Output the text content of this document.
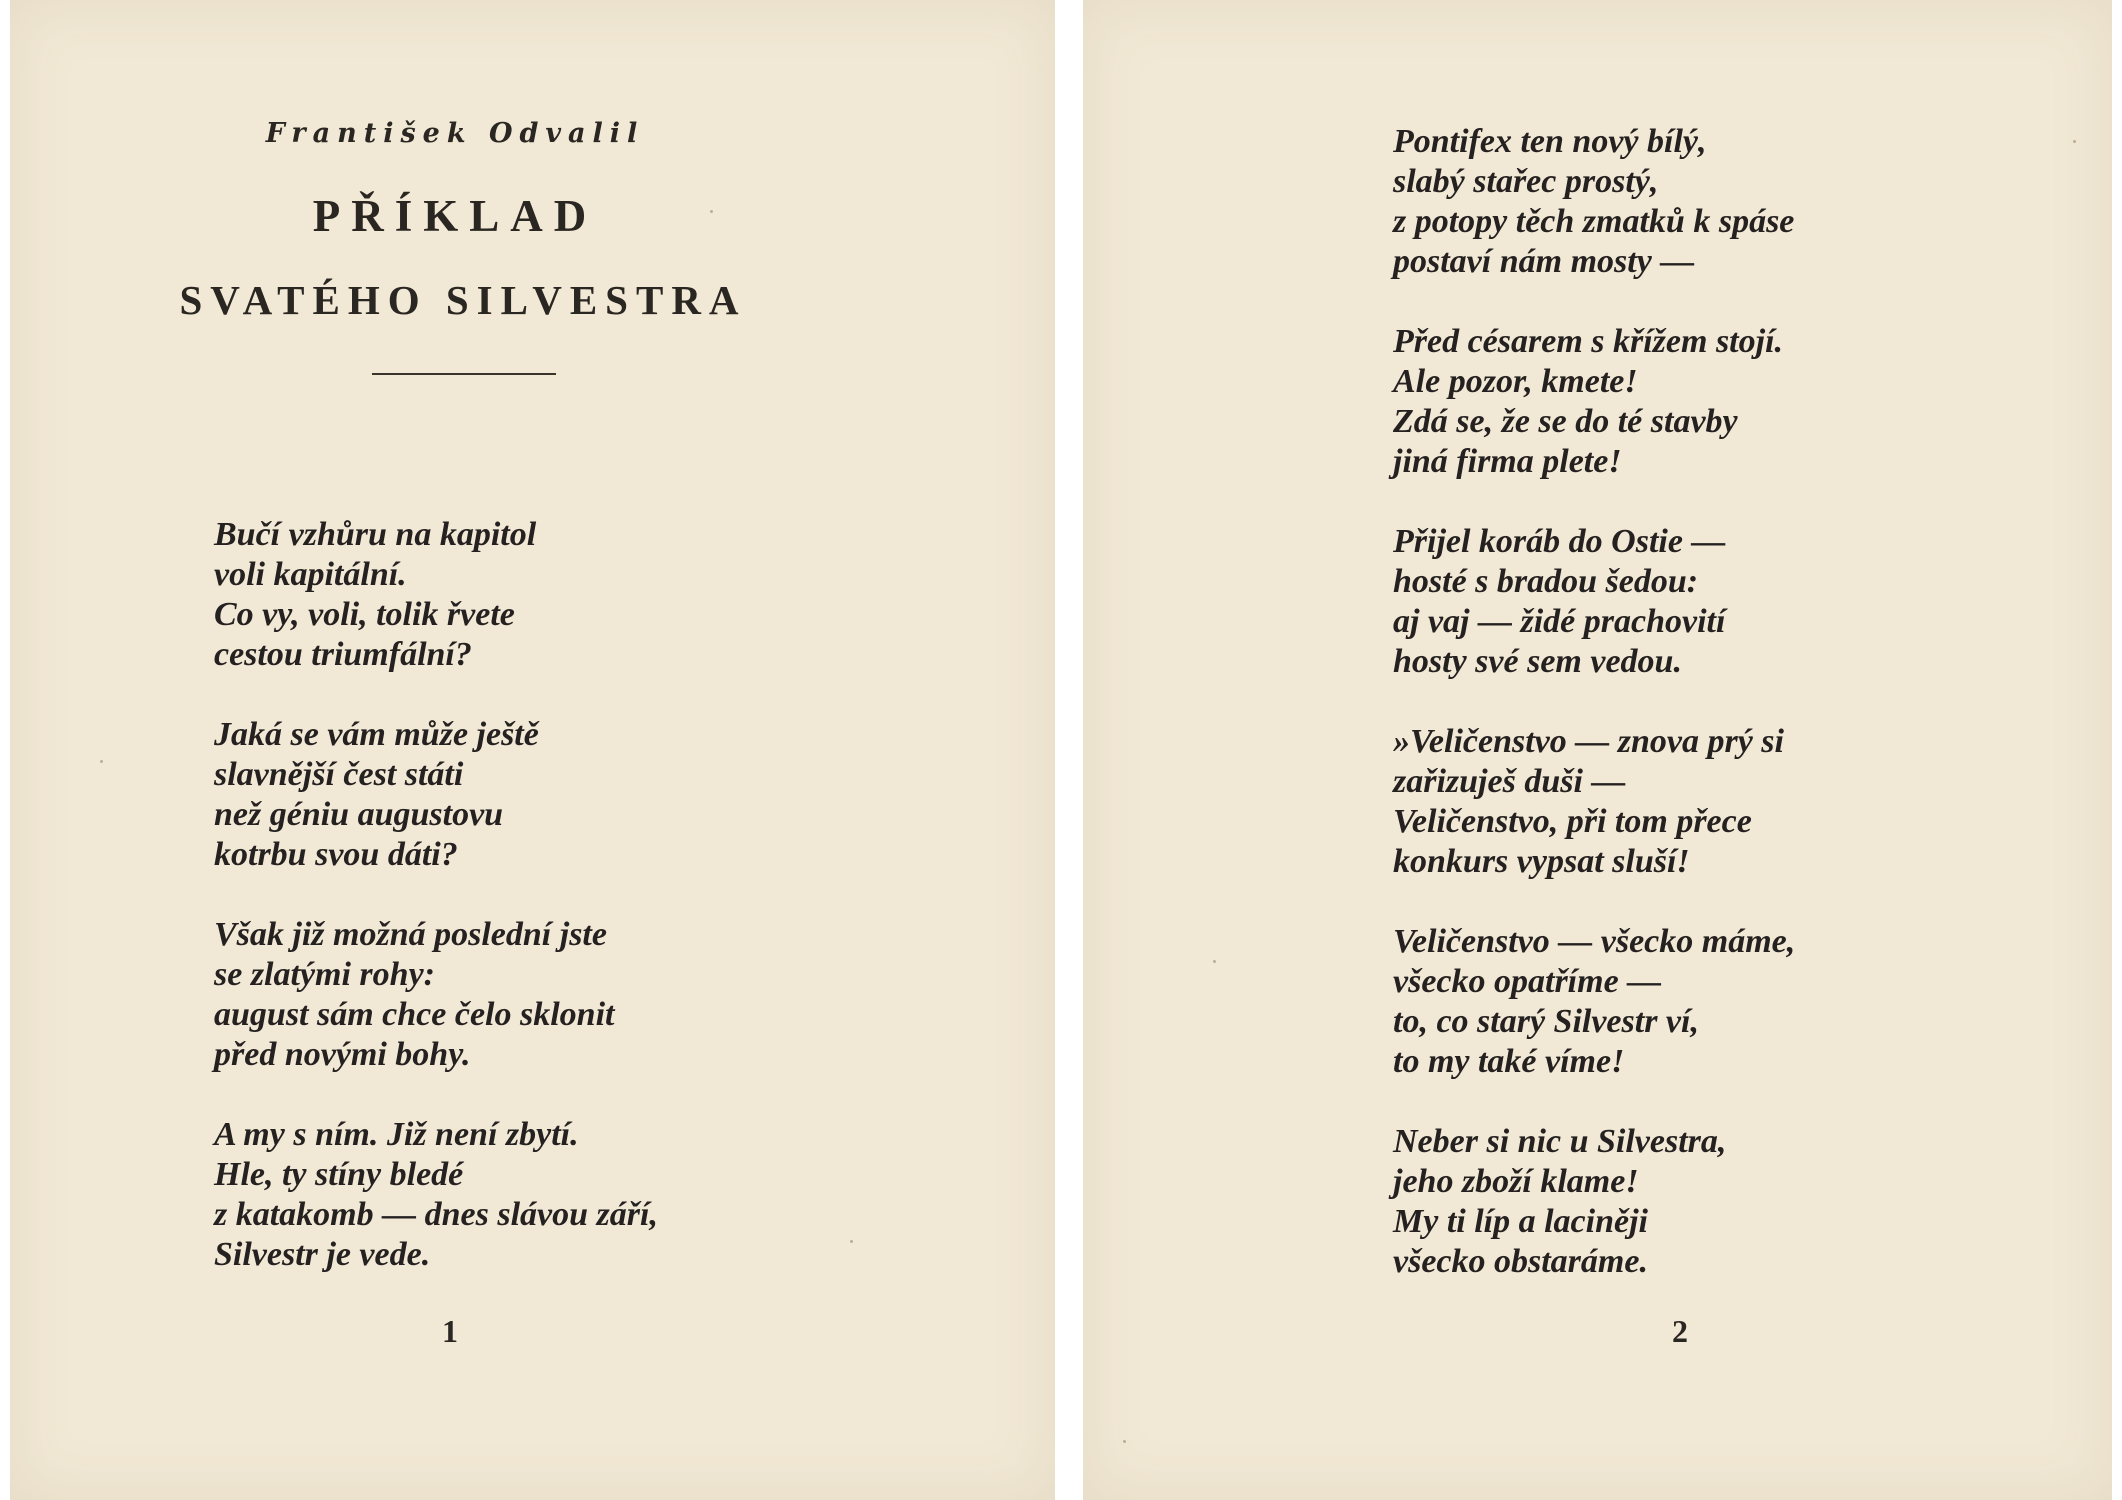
František Odvalil
PŘÍKLAD
SVATÉHO SILVESTRA
Bučí vzhůru na kapitol
voli kapitální.
Co vy, voli, tolik řvete
cestou triumfální?
Jaká se vám může ještě
slavnější čest státi
než géniu augustovu
kotrbu svou dáti?
Však již možná poslední jste
se zlatými rohy:
august sám chce čelo sklonit
před novými bohy.
A my s ním. Již není zbytí.
Hle, ty stíny bledé
z katakomb — dnes slávou září,
Silvestr je vede.
1
Pontifex ten nový bílý,
slabý stařec prostý,
z potopy těch zmatků k spáse
postaví nám mosty —
Před césarem s křížem stojí.
Ale pozor, kmete!
Zdá se, že se do té stavby
jiná firma plete!
Přijel koráb do Ostie —
hosté s bradou šedou:
aj vaj — židé prachovití
hosty své sem vedou.
»Veličenstvo — znova prý si
zařizuješ duši —
Veličenstvo, při tom přece
konkurs vypsat sluší!
Veličenstvo — všecko máme,
všecko opatříme —
to, co starý Silvestr ví,
to my také víme!
Neber si nic u Silvestra,
jeho zboží klame!
My ti líp a laciněji
všecko obstaráme.
2
